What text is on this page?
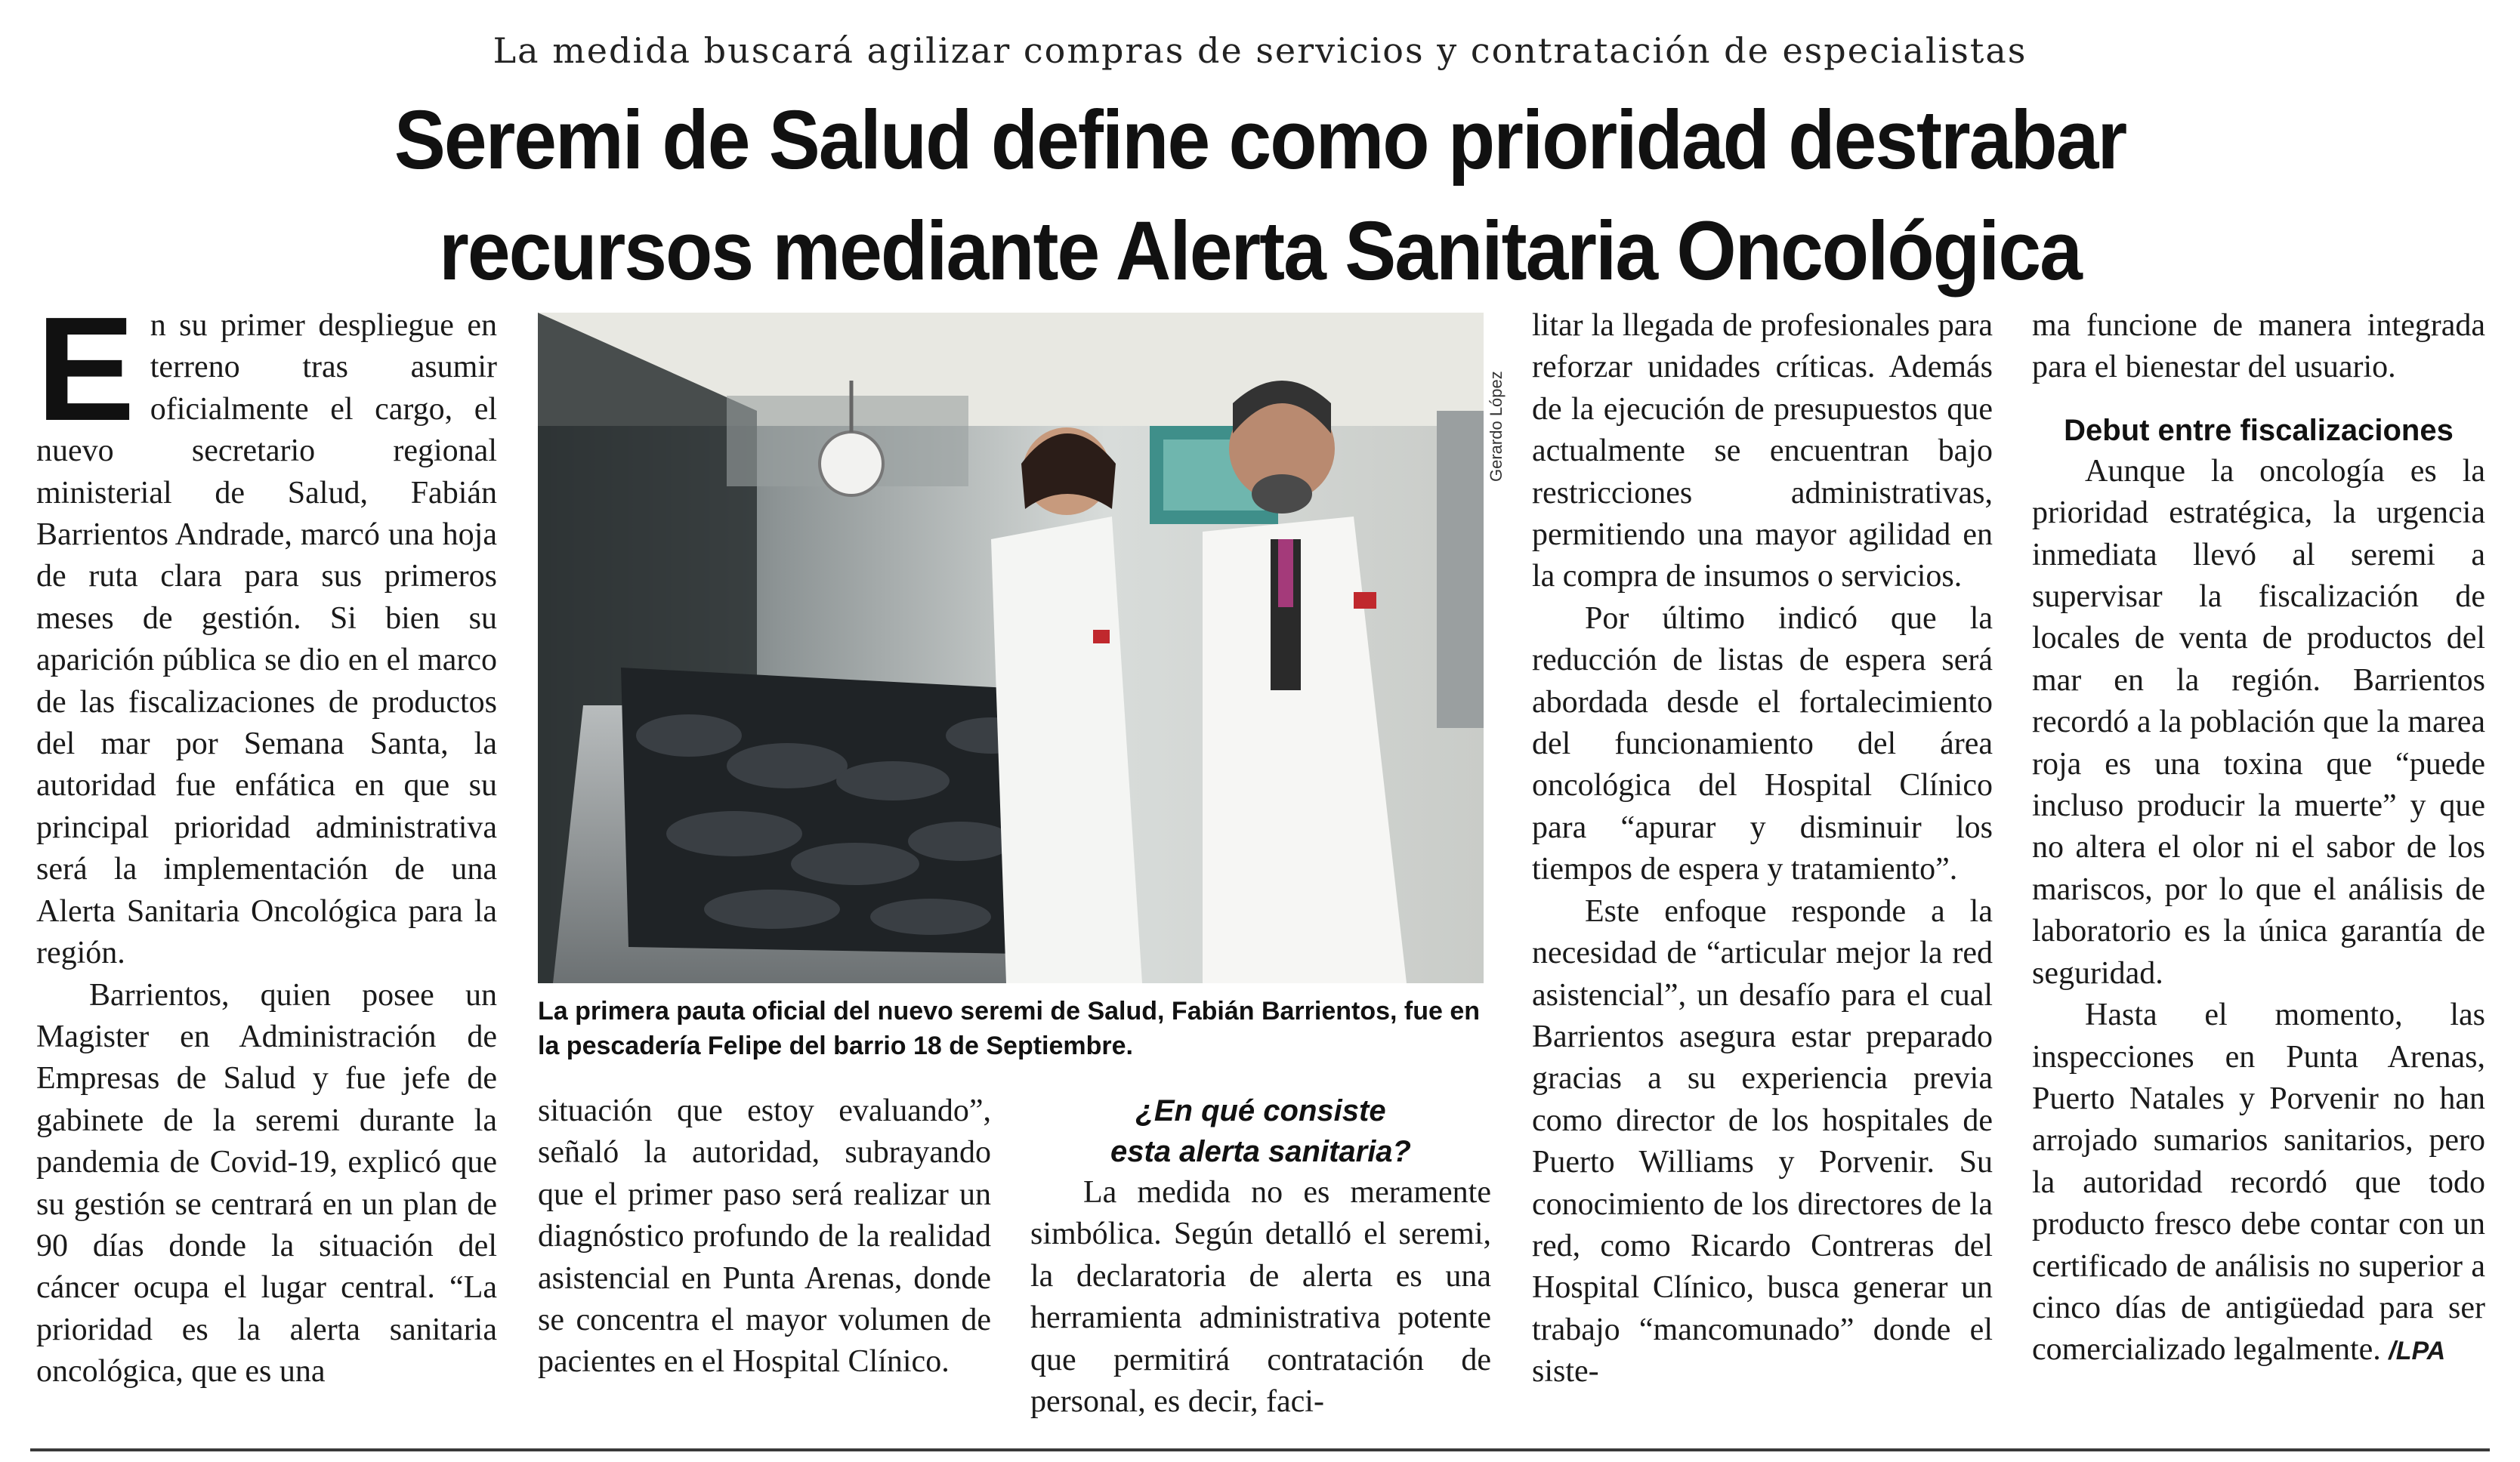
La medida buscará agilizar compras de servicios y contratación de especialistas
Seremi de Salud define como prioridad destrabar
recursos mediante Alerta Sanitaria Oncológica

En su primer despliegue en terreno tras asumir oficialmente el cargo, el nuevo secretario regional ministerial de Salud, Fabián Barrientos Andrade, marcó una hoja de ruta clara para sus primeros meses de gestión. Si bien su aparición pública se dio en el marco de las fiscalizaciones de productos del mar por Semana Santa, la autoridad fue enfática en que su principal prioridad administrativa será la implementación de una Alerta Sanitaria Oncológica para la región.

Barrientos, quien posee un Magister en Administración de Empresas de Salud y fue jefe de gabinete de la seremi durante la pandemia de Covid-19, explicó que su gestión se centrará en un plan de 90 días donde la situación del cáncer ocupa el lugar central. “La prioridad es la alerta sanitaria oncológica, que es una

Gerardo López
La primera pauta oficial del nuevo seremi de Salud, Fabián Barrientos, fue en la pescadería Felipe del barrio 18 de Septiembre.

situación que estoy evaluando”, señaló la autoridad, subrayando que el primer paso será realizar un diagnóstico profundo de la realidad asistencial en Punta Arenas, donde se concentra el mayor volumen de pacientes en el Hospital Clínico.

¿En qué consiste
esta alerta sanitaria?

La medida no es meramente simbólica. Según detalló el seremi, la declaratoria de alerta es una herramienta administrativa potente que permitirá contratación de personal, es decir, faci-

litar la llegada de profesionales para reforzar unidades críticas. Además de la ejecución de presupuestos que actualmente se encuentran bajo restricciones administrativas, permitiendo una mayor agilidad en la compra de insumos o servicios.

Por último indicó que la reducción de listas de espera será abordada desde el fortalecimiento del funcionamiento del área oncológica del Hospital Clínico para “apurar y disminuir los tiempos de espera y tratamiento”.

Este enfoque responde a la necesidad de “articular mejor la red asistencial”, un desafío para el cual Barrientos asegura estar preparado gracias a su experiencia previa como director de los hospitales de Puerto Williams y Porvenir. Su conocimiento de los directores de la red, como Ricardo Contreras del Hospital Clínico, busca generar un trabajo “mancomunado” donde el siste-

ma funcione de manera integrada para el bienestar del usuario.

Debut entre fiscalizaciones

Aunque la oncología es la prioridad estratégica, la urgencia inmediata llevó al seremi a supervisar la fiscalización de locales de venta de productos del mar en la región. Barrientos recordó a la población que la marea roja es una toxina que “puede incluso producir la muerte” y que no altera el olor ni el sabor de los mariscos, por lo que el análisis de laboratorio es la única garantía de seguridad.

Hasta el momento, las inspecciones en Punta Arenas, Puerto Natales y Porvenir no han arrojado sumarios sanitarios, pero la autoridad recordó que todo producto fresco debe contar con un certificado de análisis no superior a cinco días de antigüedad para ser comercializado legalmente. /LPA
